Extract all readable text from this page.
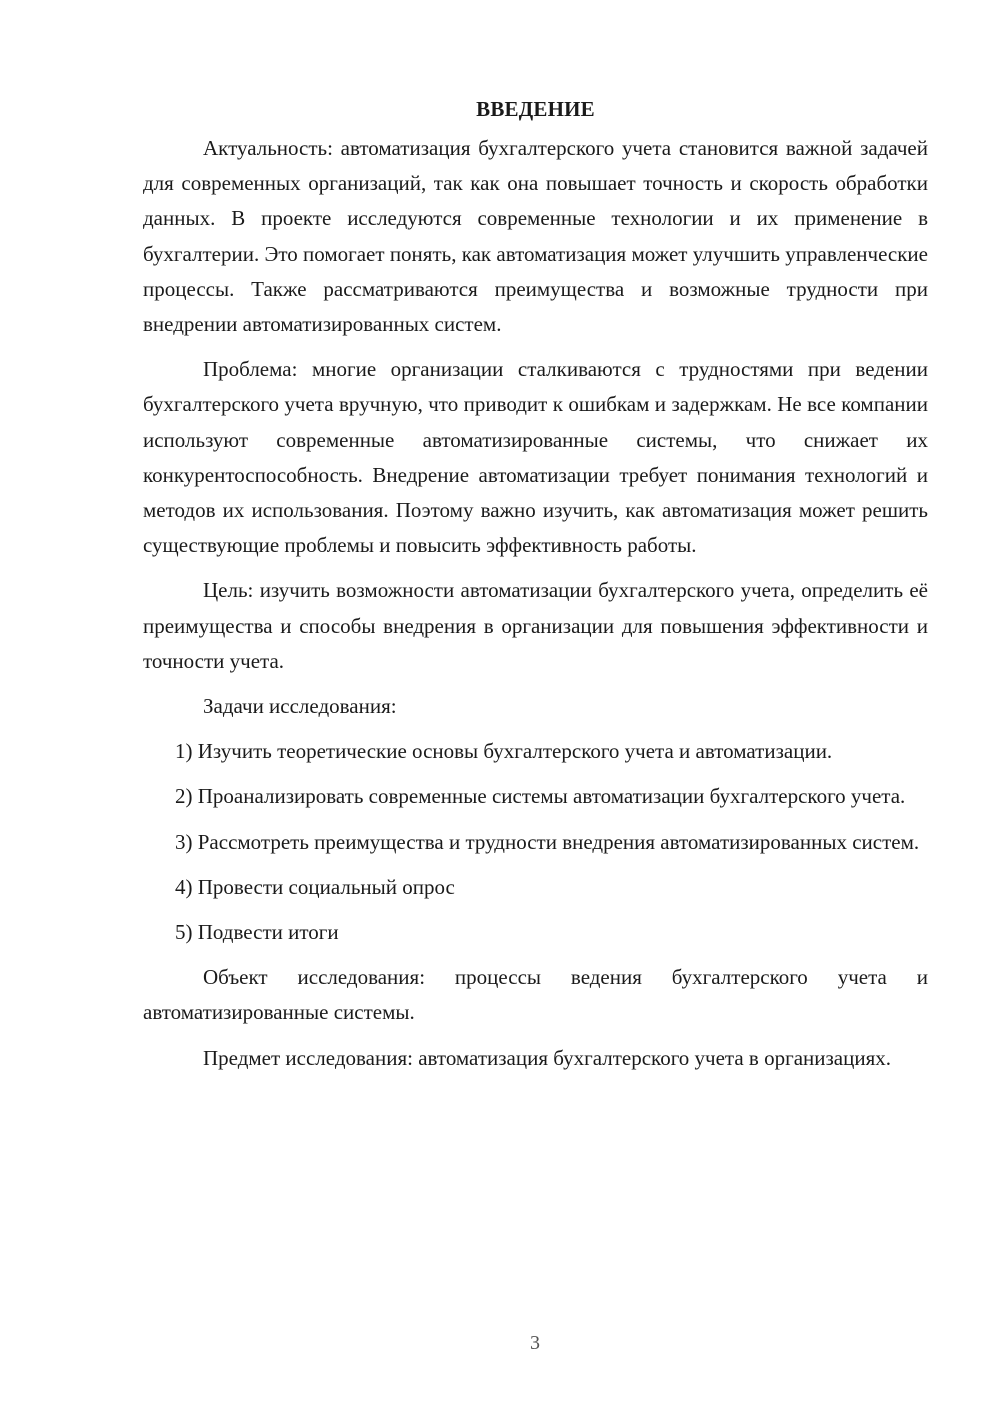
ВВЕДЕНИЕ

Актуальность: автоматизация бухгалтерского учета становится важной задачей для современных организаций, так как она повышает точность и скорость обработки данных. В проекте исследуются современные технологии и их применение в бухгалтерии. Это помогает понять, как автоматизация может улучшить управленческие процессы. Также рассматриваются преимущества и возможные трудности при внедрении автоматизированных систем.

Проблема: многие организации сталкиваются с трудностями при ведении бухгалтерского учета вручную, что приводит к ошибкам и задержкам. Не все компании используют современные автоматизированные системы, что снижает их конкурентоспособность. Внедрение автоматизации требует понимания технологий и методов их использования. Поэтому важно изучить, как автоматизация может решить существующие проблемы и повысить эффективность работы.

Цель: изучить возможности автоматизации бухгалтерского учета, определить её преимущества и способы внедрения в организации для повышения эффективности и точности учета.

Задачи исследования:

1) Изучить теоретические основы бухгалтерского учета и автоматизации.

2) Проанализировать современные системы автоматизации бухгалтерского учета.

3) Рассмотреть преимущества и трудности внедрения автоматизированных систем.

4) Провести социальный опрос

5) Подвести итоги

Объект исследования: процессы ведения бухгалтерского учета и автоматизированные системы.

Предмет исследования: автоматизация бухгалтерского учета в организациях.

3
